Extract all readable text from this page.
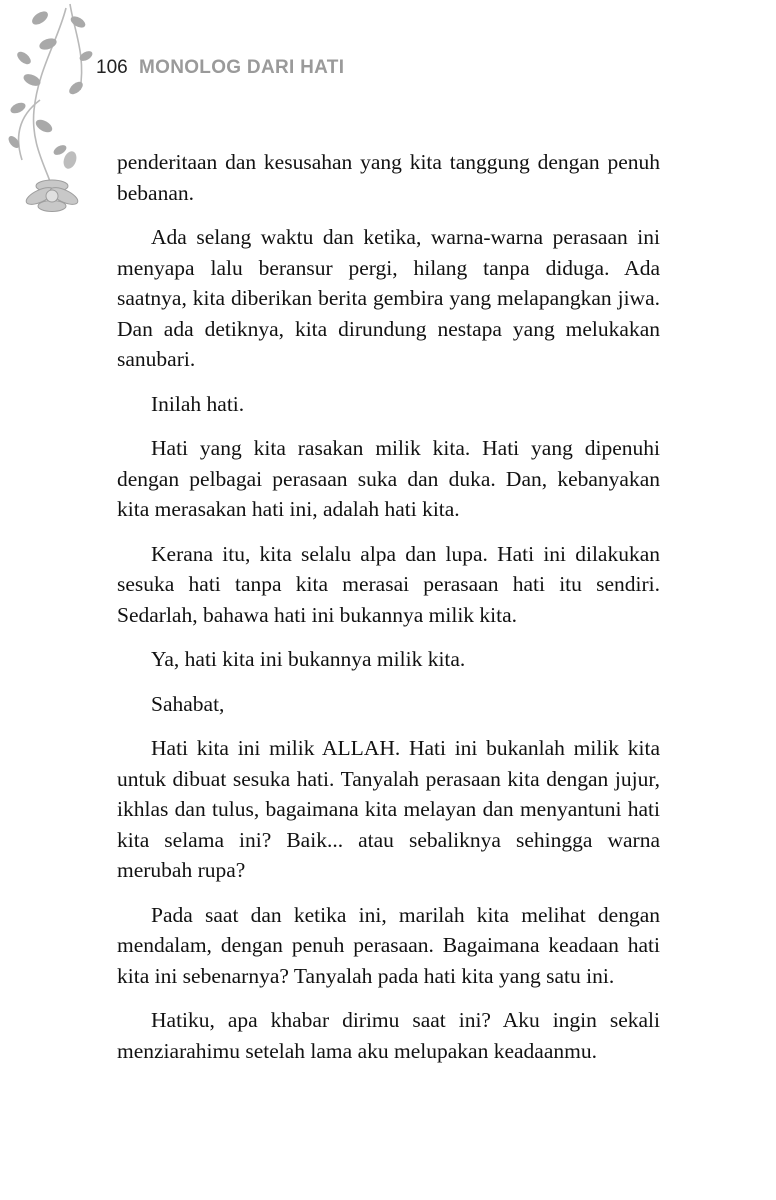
106 MONOLOG DARI HATI

penderitaan dan kesusahan yang kita tanggung dengan penuh bebanan.

Ada selang waktu dan ketika, warna-warna perasaan ini menyapa lalu beransur pergi, hilang tanpa diduga. Ada saatnya, kita diberikan berita gembira yang melapangkan jiwa. Dan ada detiknya, kita dirundung nestapa yang melukakan sanubari.

Inilah hati.

Hati yang kita rasakan milik kita. Hati yang dipenuhi dengan pelbagai perasaan suka dan duka. Dan, kebanyakan kita merasakan hati ini, adalah hati kita.

Kerana itu, kita selalu alpa dan lupa. Hati ini dilakukan sesuka hati tanpa kita merasai perasaan hati itu sendiri. Sedarlah, bahawa hati ini bukannya milik kita.

Ya, hati kita ini bukannya milik kita.

Sahabat,

Hati kita ini milik ALLAH. Hati ini bukanlah milik kita untuk dibuat sesuka hati. Tanyalah perasaan kita dengan jujur, ikhlas dan tulus, bagaimana kita melayan dan menyantuni hati kita selama ini? Baik... atau sebaliknya sehingga warna merubah rupa?

Pada saat dan ketika ini, marilah kita melihat dengan mendalam, dengan penuh perasaan. Bagaimana keadaan hati kita ini sebenarnya? Tanyalah pada hati kita yang satu ini.

Hatiku, apa khabar dirimu saat ini? Aku ingin sekali menziarahimu setelah lama aku melupakan keadaanmu.
